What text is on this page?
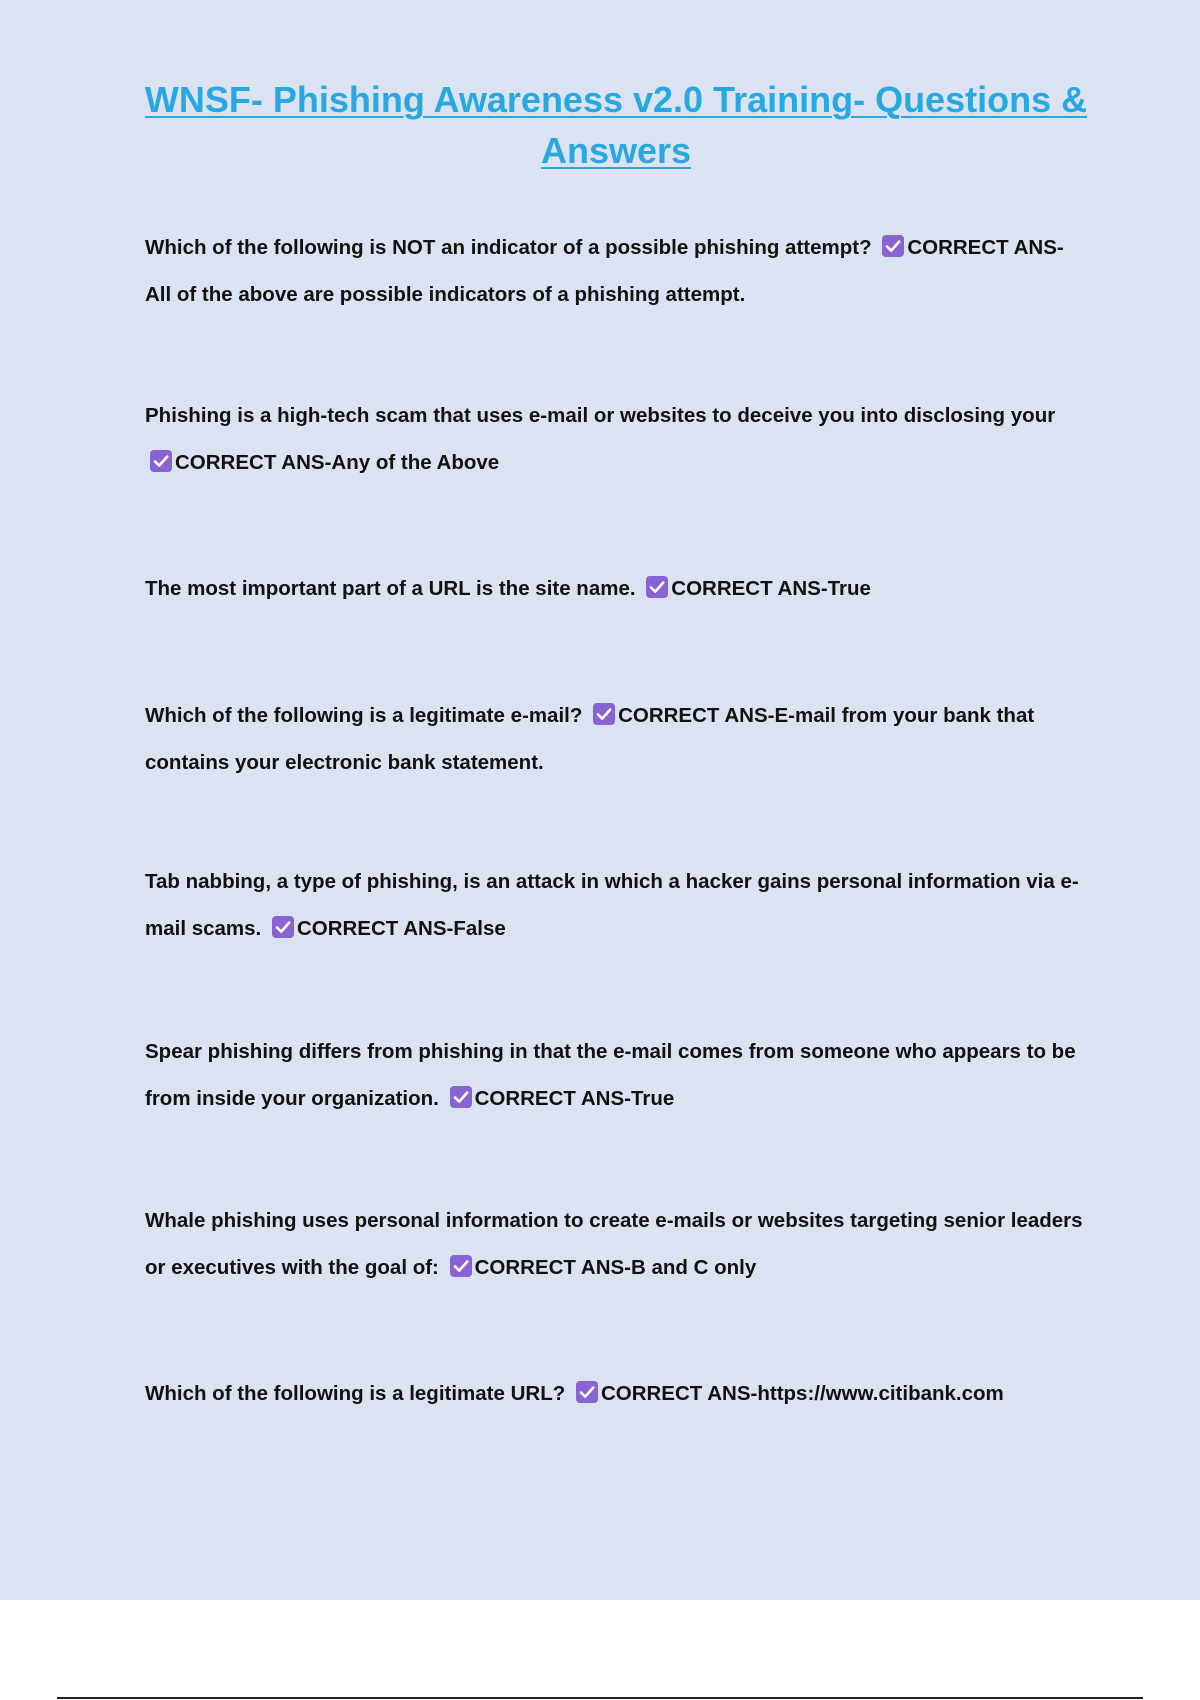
WNSF- Phishing Awareness v2.0 Training- Questions & Answers

Which of the following is NOT an indicator of a possible phishing attempt? CORRECT ANS-All of the above are possible indicators of a phishing attempt.

Phishing is a high-tech scam that uses e-mail or websites to deceive you into disclosing your
CORRECT ANS-Any of the Above

The most important part of a URL is the site name. CORRECT ANS-True

Which of the following is a legitimate e-mail? CORRECT ANS-E-mail from your bank that contains your electronic bank statement.

Tab nabbing, a type of phishing, is an attack in which a hacker gains personal information via e-mail scams. CORRECT ANS-False

Spear phishing differs from phishing in that the e-mail comes from someone who appears to be from inside your organization. CORRECT ANS-True

Whale phishing uses personal information to create e-mails or websites targeting senior leaders or executives with the goal of: CORRECT ANS-B and C only

Which of the following is a legitimate URL? CORRECT ANS-https://www.citibank.com
